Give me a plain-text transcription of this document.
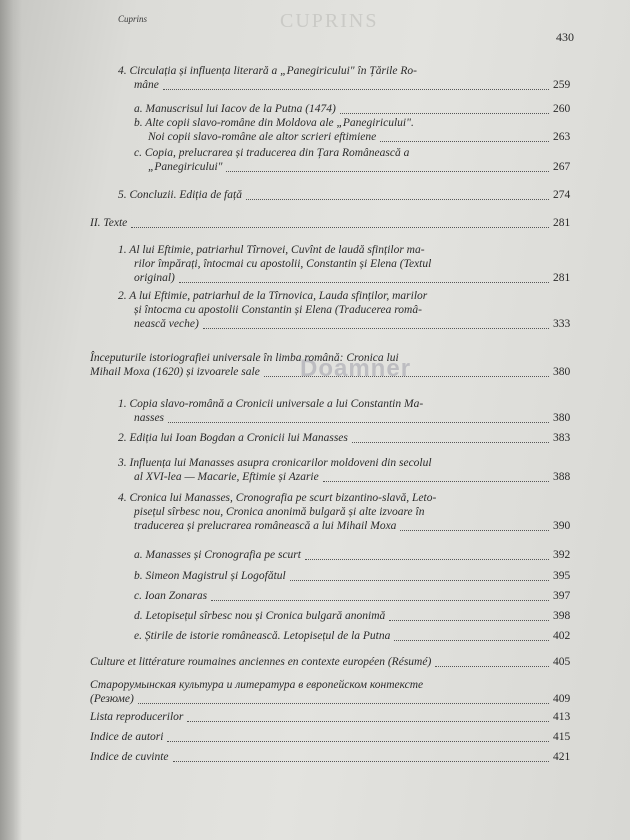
CUPRINS
Cuprins
430
Doamner
4. Circulația și influența literară a „Panegiricului" în Țările Ro-
mâne	259
a. Manuscrisul lui Iacov de la Putna (1474)	260
b. Alte copii slavo-române din Moldova ale „Panegiricului".
Noi copii slavo-române ale altor scrieri eftimiene	263
c. Copia, prelucrarea și traducerea din Țara Românească a
„Panegiricului"	267
5. Concluzii. Ediția de față	274
II. Texte	281
1. Al lui Eftimie, patriarhul Tîrnovei, Cuvînt de laudă sfinților ma-
rilor împărați, întocmai cu apostolii, Constantin și Elena (Textul
original)	281
2. A lui Eftimie, patriarhul de la Tîrnovica, Lauda sfinților, marilor
și întocma cu apostolii Constantin și Elena (Traducerea româ-
nească veche)	333
Începuturile istoriografiei universale în limba română: Cronica lui
Mihail Moxa (1620) și izvoarele sale	380
1. Copia slavo-română a Cronicii universale a lui Constantin Ma-
nasses	380
2. Ediția lui Ioan Bogdan a Cronicii lui Manasses	383
3. Influența lui Manasses asupra cronicarilor moldoveni din secolul
al XVI-lea — Macarie, Eftimie și Azarie	388
4. Cronica lui Manasses, Cronografia pe scurt bizantino-slavă, Leto-
pisețul sîrbesc nou, Cronica anonimă bulgară și alte izvoare în
traducerea și prelucrarea românească a lui Mihail Moxa	390
a. Manasses și Cronografia pe scurt	392
b. Simeon Magistrul și Logofătul	395
c. Ioan Zonaras	397
d. Letopisețul sîrbesc nou și Cronica bulgară anonimă	398
e. Știrile de istorie românească. Letopisețul de la Putna	402
Culture et littérature roumaines anciennes en contexte européen (Résumé)	405
Старорумынская культура и литература в европейском контексте
(Резюме)	409
Lista reproducerilor	413
Indice de autori	415
Indice de cuvinte	421
